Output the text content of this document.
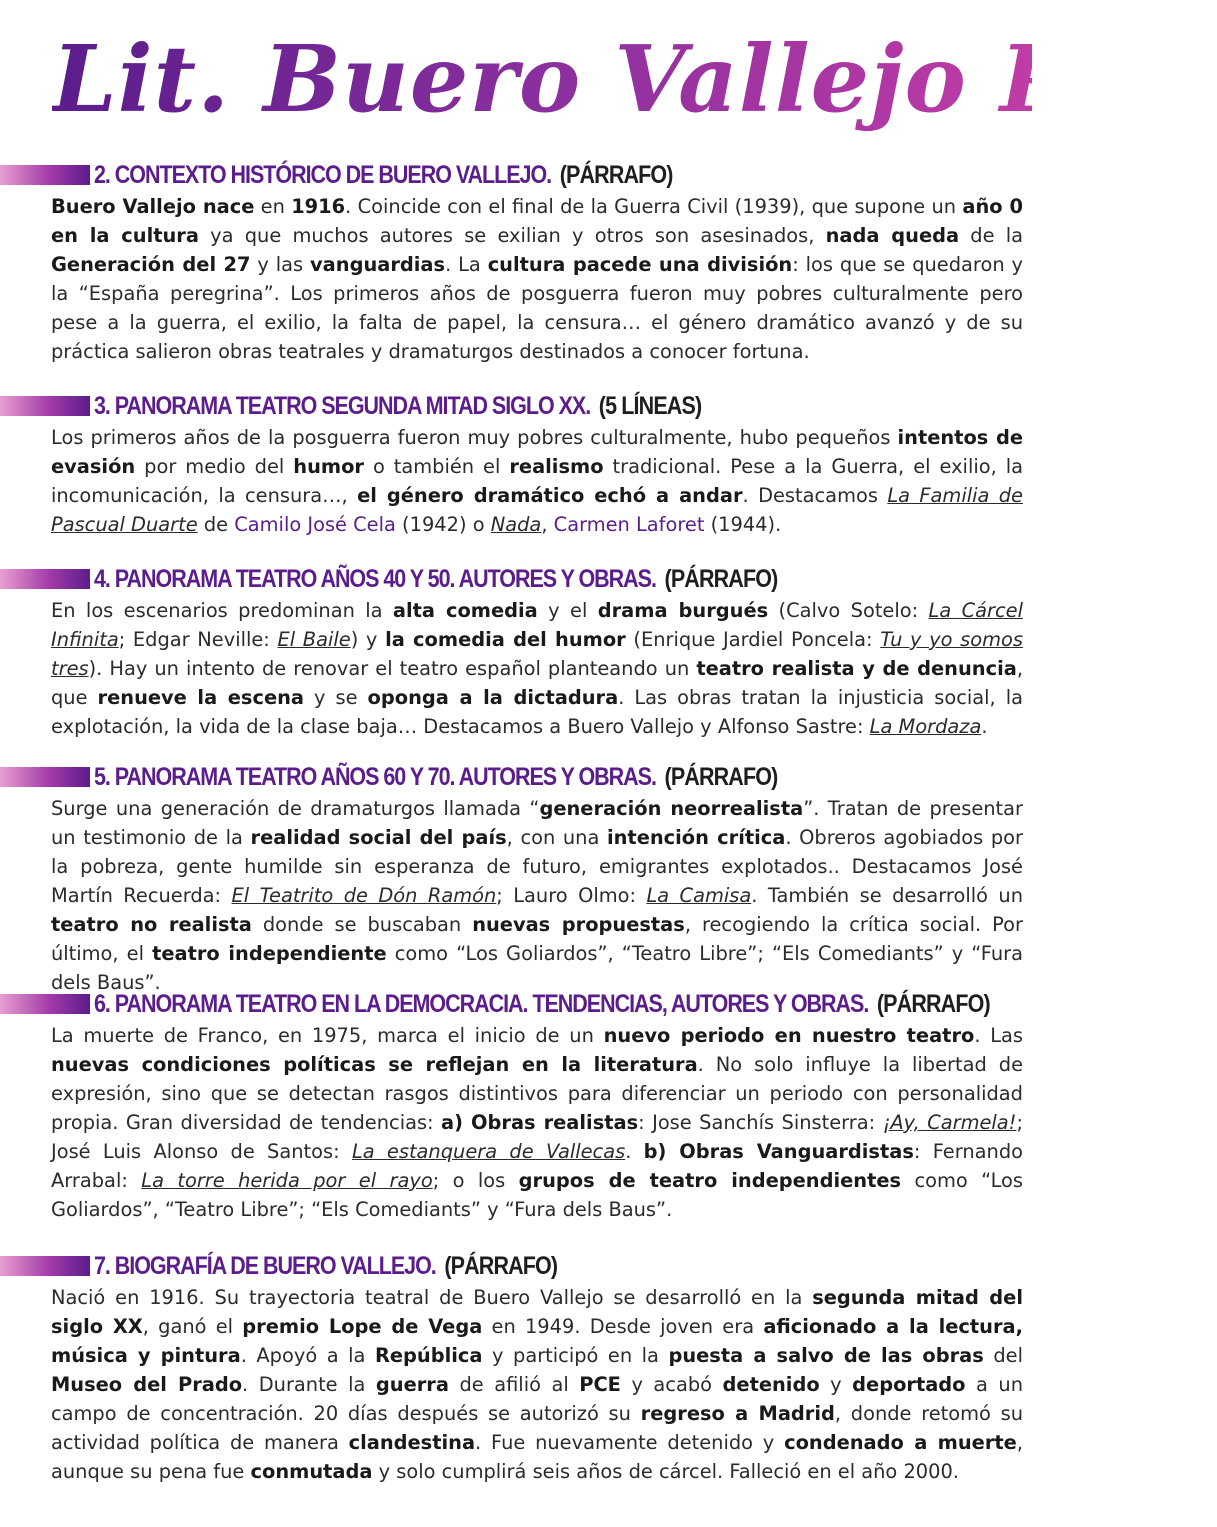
Lit. Buero Vallejo PAU
2. CONTEXTO HISTÓRICO DE BUERO VALLEJO. (PÁRRAFO)

Buero Vallejo nace en 1916. Coincide con el final de la Guerra Civil (1939), que supone un año 0 en la cultura ya que muchos autores se exilian y otros son asesinados, nada queda de la Generación del 27 y las vanguardias. La cultura pacede una división: los que se quedaron y la “España peregrina”. Los primeros años de posguerra fueron muy pobres culturalmente pero pese a la guerra, el exilio, la falta de papel, la censura… el género dramático avanzó y de su práctica salieron obras teatrales y dramaturgos destinados a conocer fortuna.

3. PANORAMA TEATRO SEGUNDA MITAD SIGLO XX. (5 LÍNEAS)

Los primeros años de la posguerra fueron muy pobres culturalmente, hubo pequeños intentos de evasión por medio del humor o también el realismo tradicional. Pese a la Guerra, el exilio, la incomunicación, la censura…, el género dramático echó a andar. Destacamos La Familia de Pascual Duarte de Camilo José Cela (1942) o Nada, Carmen Laforet (1944).

4. PANORAMA TEATRO AÑOS 40 Y 50. AUTORES Y OBRAS. (PÁRRAFO)

En los escenarios predominan la alta comedia y el drama burgués (Calvo Sotelo: La Cárcel Infinita; Edgar Neville: El Baile) y la comedia del humor (Enrique Jardiel Poncela: Tu y yo somos tres). Hay un intento de renovar el teatro español planteando un teatro realista y de denuncia, que renueve la escena y se oponga a la dictadura. Las obras tratan la injusticia social, la explotación, la vida de la clase baja… Destacamos a Buero Vallejo y Alfonso Sastre: La Mordaza.

5. PANORAMA TEATRO AÑOS 60 Y 70. AUTORES Y OBRAS. (PÁRRAFO)

Surge una generación de dramaturgos llamada “generación neorrealista”. Tratan de presentar un testimonio de la realidad social del país, con una intención crítica. Obreros agobiados por la pobreza, gente humilde sin esperanza de futuro, emigrantes explotados.. Destacamos José Martín Recuerda: El Teatrito de Dón Ramón; Lauro Olmo: La Camisa. También se desarrolló un teatro no realista donde se buscaban nuevas propuestas, recogiendo la crítica social. Por último, el teatro independiente como “Los Goliardos”, “Teatro Libre”; “Els Comediants” y “Fura dels Baus”.

6. PANORAMA TEATRO EN LA DEMOCRACIA. TENDENCIAS, AUTORES Y OBRAS. (PÁRRAFO)

La muerte de Franco, en 1975, marca el inicio de un nuevo periodo en nuestro teatro. Las nuevas condiciones políticas se reflejan en la literatura. No solo influye la libertad de expresión, sino que se detectan rasgos distintivos para diferenciar un periodo con personalidad propia. Gran diversidad de tendencias: a) Obras realistas: Jose Sanchís Sinsterra: ¡Ay, Carmela!; José Luis Alonso de Santos: La estanquera de Vallecas. b) Obras Vanguardistas: Fernando Arrabal: La torre herida por el rayo; o los grupos de teatro independientes como “Los Goliardos”, “Teatro Libre”; “Els Comediants” y “Fura dels Baus”.

7. BIOGRAFÍA DE BUERO VALLEJO. (PÁRRAFO)

Nació en 1916. Su trayectoria teatral de Buero Vallejo se desarrolló en la segunda mitad del siglo XX, ganó el premio Lope de Vega en 1949. Desde joven era aficionado a la lectura, música y pintura. Apoyó a la República y participó en la puesta a salvo de las obras del Museo del Prado. Durante la guerra de afilió al PCE y acabó detenido y deportado a un campo de concentración. 20 días después se autorizó su regreso a Madrid, donde retomó su actividad política de manera clandestina. Fue nuevamente detenido y condenado a muerte, aunque su pena fue conmutada y solo cumplirá seis años de cárcel. Falleció en el año 2000.
